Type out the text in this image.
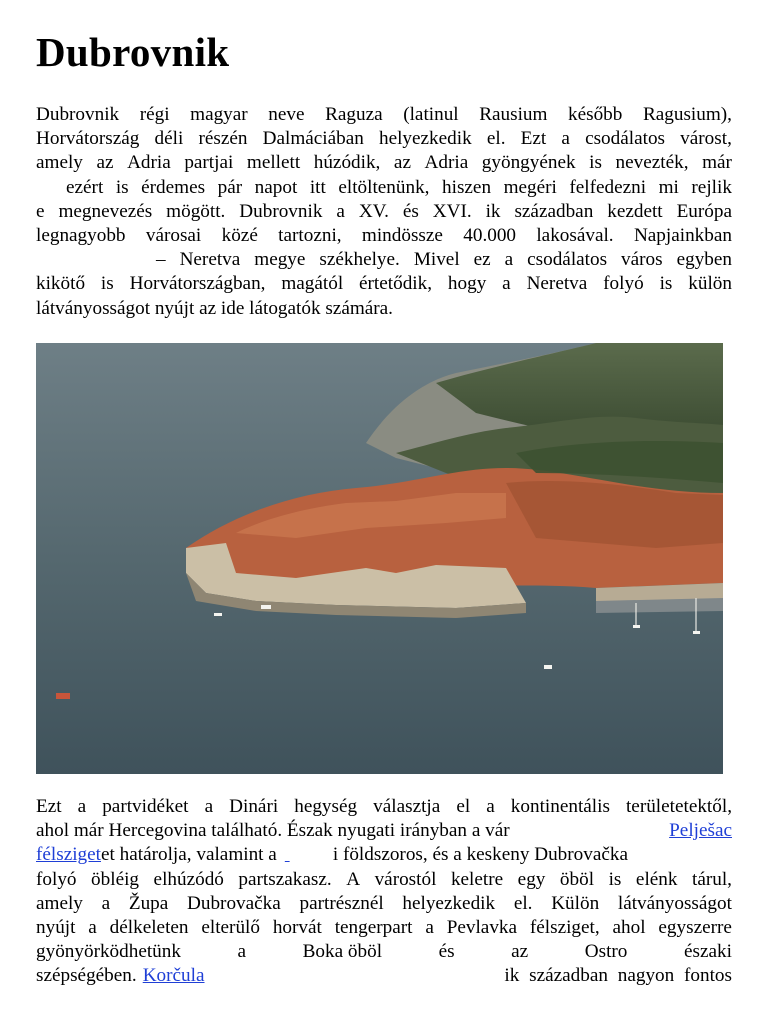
Dubrovnik
Dubrovnik régi magyar neve Raguza (latinul Rausium később Ragusium),
Horvátország déli részén Dalmáciában helyezkedik el. Ezt a csodálatos várost,
amely az Adria partjai mellett húzódik, az Adria gyöngyének is nevezték, már
ezért is érdemes pár napot itt eltöltenünk, hiszen megéri felfedezni mi rejlik
e megnevezés mögött. Dubrovnik a XV. és XVI. ik században kezdett Európa
legnagyobb városai közé tartozni, mindössze 40.000 lakosával. Napjainkban
– Neretva megye székhelye. Mivel ez a csodálatos város egyben
kikötő is Horvátországban, magától értetődik, hogy a Neretva folyó is külön
látványosságot nyújt az ide látogatók számára.
Ezt a partvidéket a Dinári hegység választja el a kontinentális területetektől,
ahol már Hercegovina található. Észak nyugati irányban a vár	Pelješac
félsziget et határolja, valamint a
	i földszoros, és a keskeny Dubrovačka
folyó öbléig elhúzódó partszakasz. A várostól keletre egy öböl is elénk tárul,
amely a Župa Dubrovačka partrésznél helyezkedik el. Külön látványosságot
nyújt a délkeleten elterülő horvát tengerpart a Pevlavka félsziget, ahol egyszerre
gyönyörködhetünk	a	Boka öböl	és	az	Ostro	északi
szépségében. Korčula	ik században nagyon fontos
